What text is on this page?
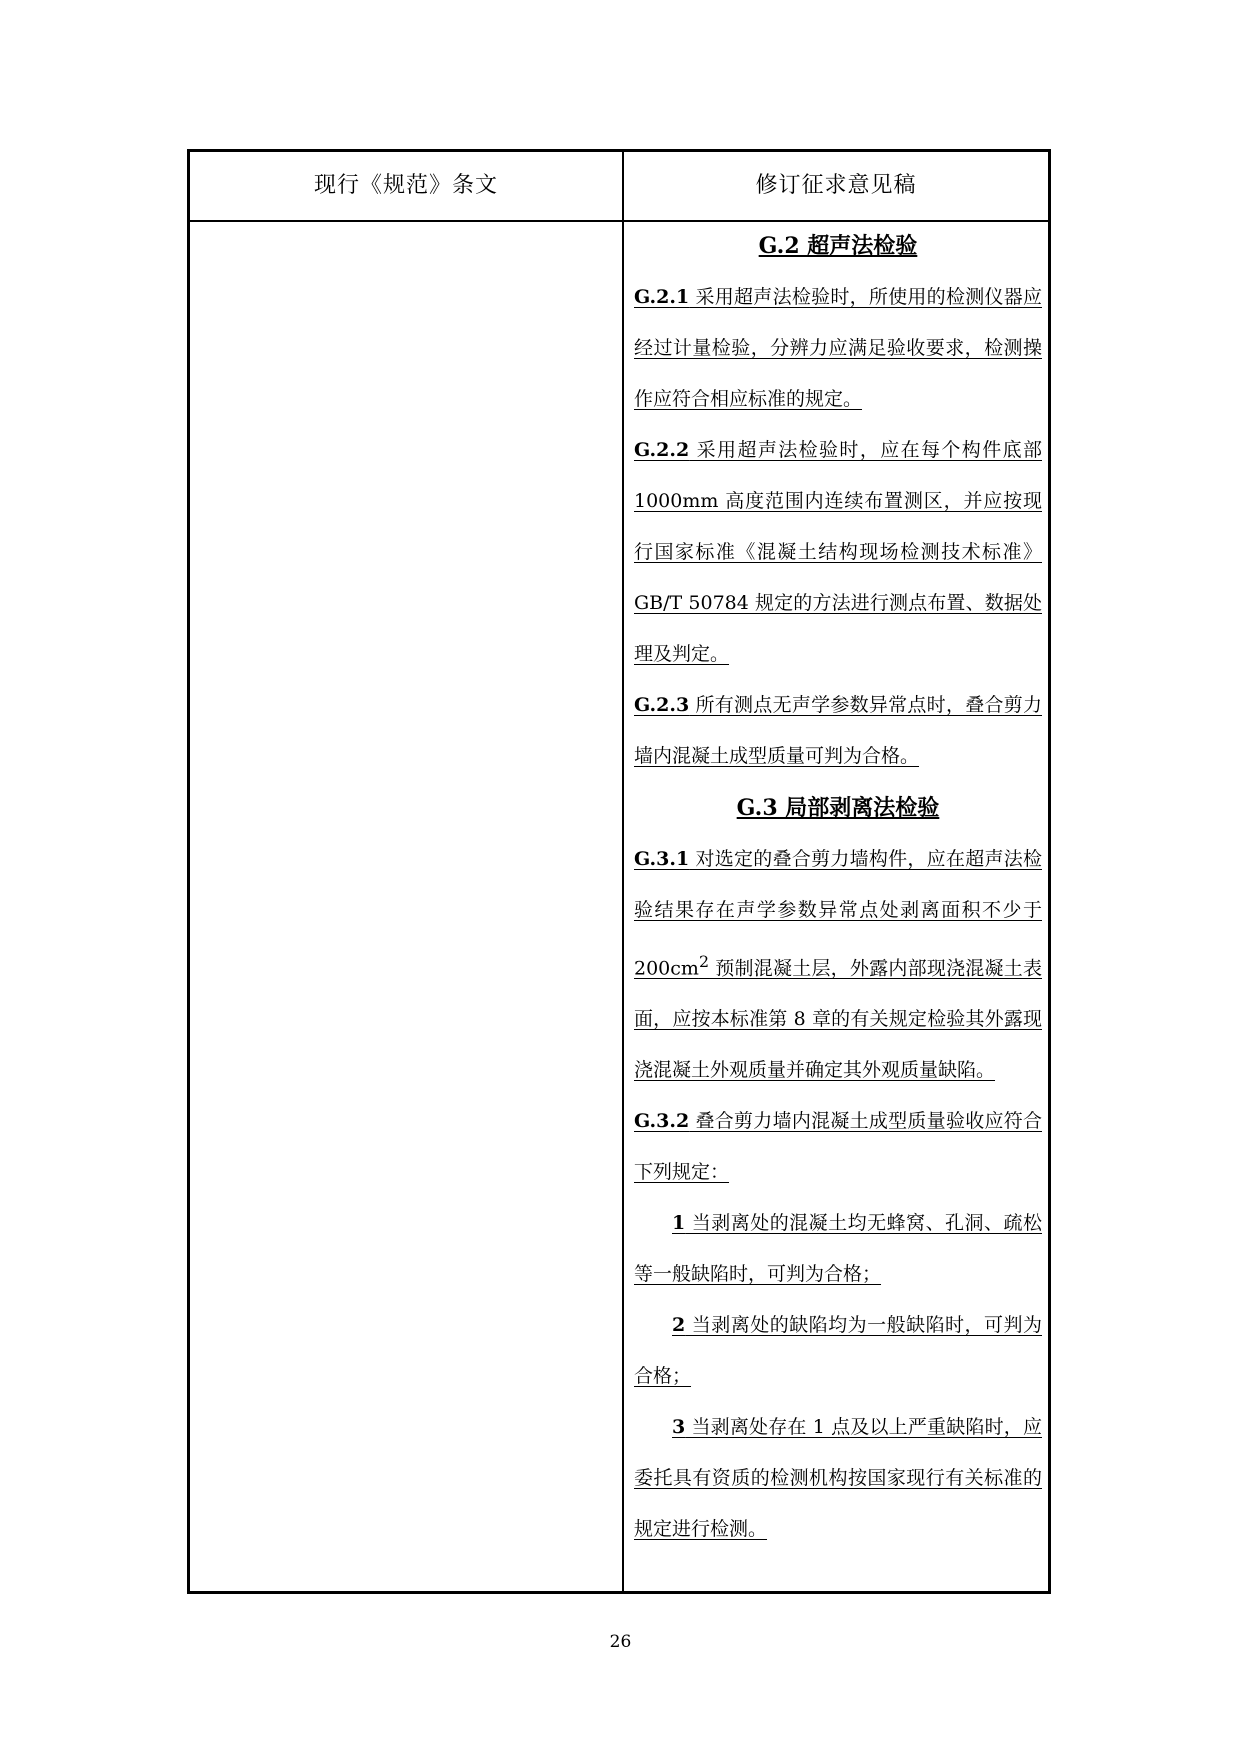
现行《规范》条文	修订征求意见稿
G.2 超声法检验

G.2.1 采用超声法检验时，所使用的检测仪器应经过计量检验，分辨力应满足验收要求，检测操作应符合相应标准的规定。

G.2.2 采用超声法检验时，应在每个构件底部 1000mm 高度范围内连续布置测区，并应按现行国家标准《混凝土结构现场检测技术标准》GB/T 50784 规定的方法进行测点布置、数据处理及判定。

G.2.3 所有测点无声学参数异常点时，叠合剪力墙内混凝土成型质量可判为合格。

G.3 局部剥离法检验

G.3.1 对选定的叠合剪力墙构件，应在超声法检验结果存在声学参数异常点处剥离面积不少于 $200cm^2$ 预制混凝土层，外露内部现浇混凝土表面，应按本标准第 8 章的有关规定检验其外露现浇混凝土外观质量并确定其外观质量缺陷。

G.3.2 叠合剪力墙内混凝土成型质量验收应符合下列规定：

1 当剥离处的混凝土均无蜂窝、孔洞、疏松等一般缺陷时，可判为合格；

2 当剥离处的缺陷均为一般缺陷时，可判为合格；

3 当剥离处存在 1 点及以上严重缺陷时，应委托具有资质的检测机构按国家现行有关标准的规定进行检测。

26
